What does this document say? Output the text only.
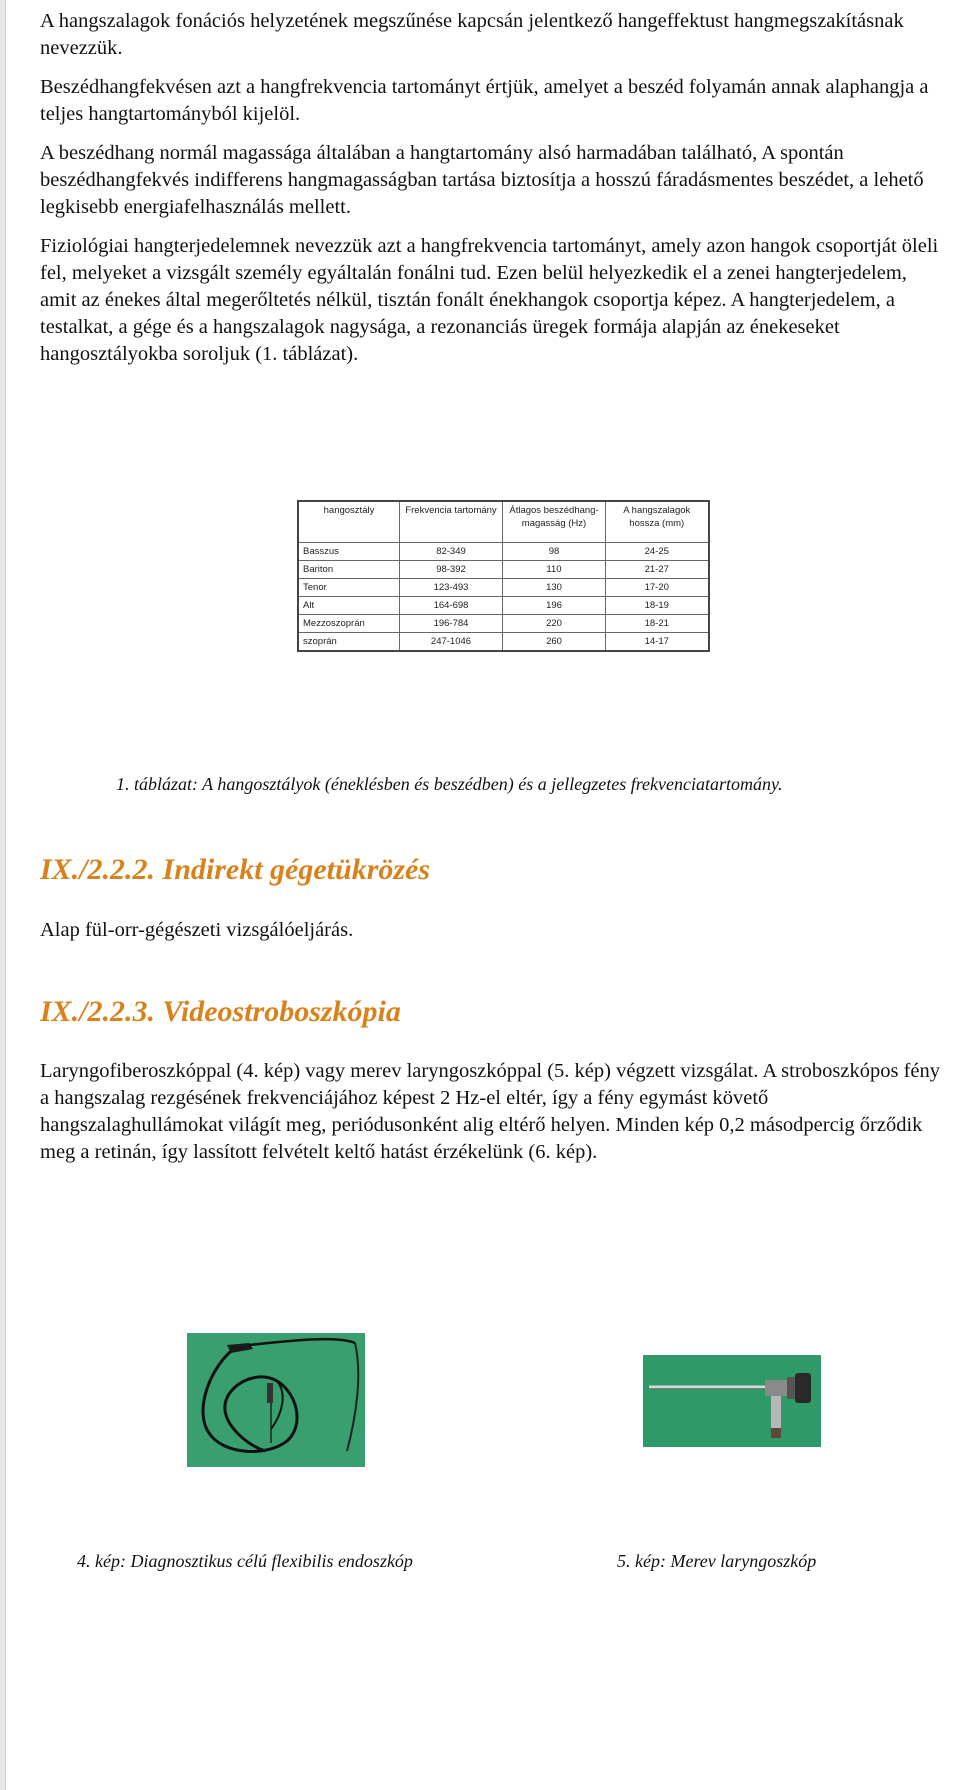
A hangszalagok fonációs helyzetének megszűnése kapcsán jelentkező hangeffektust hangmegszakításnak nevezzük.

Beszédhangfekvésen azt a hangfrekvencia tartományt értjük, amelyet a beszéd folyamán annak alaphangja a teljes hangtartományból kijelöl.

A beszédhang normál magassága általában a hangtartomány alsó harmadában található, A spontán beszédhangfekvés indifferens hangmagasságban tartása biztosítja a hosszú fáradásmentes beszédet, a lehető legkisebb energiafelhasználás mellett.

Fiziológiai hangterjedelemnek nevezzük azt a hangfrekvencia tartományt, amely azon hangok csoportját öleli fel, melyeket a vizsgált személy egyáltalán fonálni tud. Ezen belül helyezkedik el a zenei hangterjedelem, amit az énekes által megerőltetés nélkül, tisztán fonált énekhangok csoportja képez. A hangterjedelem, a testalkat, a gége és a hangszalagok nagysága, a rezonanciás üregek formája alapján az énekeseket hangosztályokba soroljuk (1. táblázat).

hangosztály	Frekvencia tartomány	Átlagos beszédhang-magasság (Hz)	A hangszalagok hossza (mm)
Basszus	82-349	98	24-25
Bariton	98-392	110	21-27
Tenor	123-493	130	17-20
Alt	164-698	196	18-19
Mezzoszoprán	196-784	220	18-21
szoprán	247-1046	260	14-17
1. táblázat: A hangosztályok (éneklésben és beszédben) és a jellegzetes frekvenciatartomány.
IX./2.2.2. Indirekt gégetükrözés

Alap fül-orr-gégészeti vizsgálóeljárás.

IX./2.2.3. Videostroboszkópia

Laryngofiberoszkóppal (4. kép) vagy merev laryngoszkóppal (5. kép) végzett vizsgálat. A stroboszkópos fény a hangszalag rezgésének frekvenciájához képest 2 Hz-el eltér, így a fény egymást követő hangszalaghullámokat világít meg, periódusonként alig eltérő helyen. Minden kép 0,2 másodpercig őrződik meg a retinán, így lassított felvételt keltő hatást érzékelünk (6. kép).

4. kép: Diagnosztikus célú flexibilis endoszkóp	5. kép: Merev laryngoszkóp
